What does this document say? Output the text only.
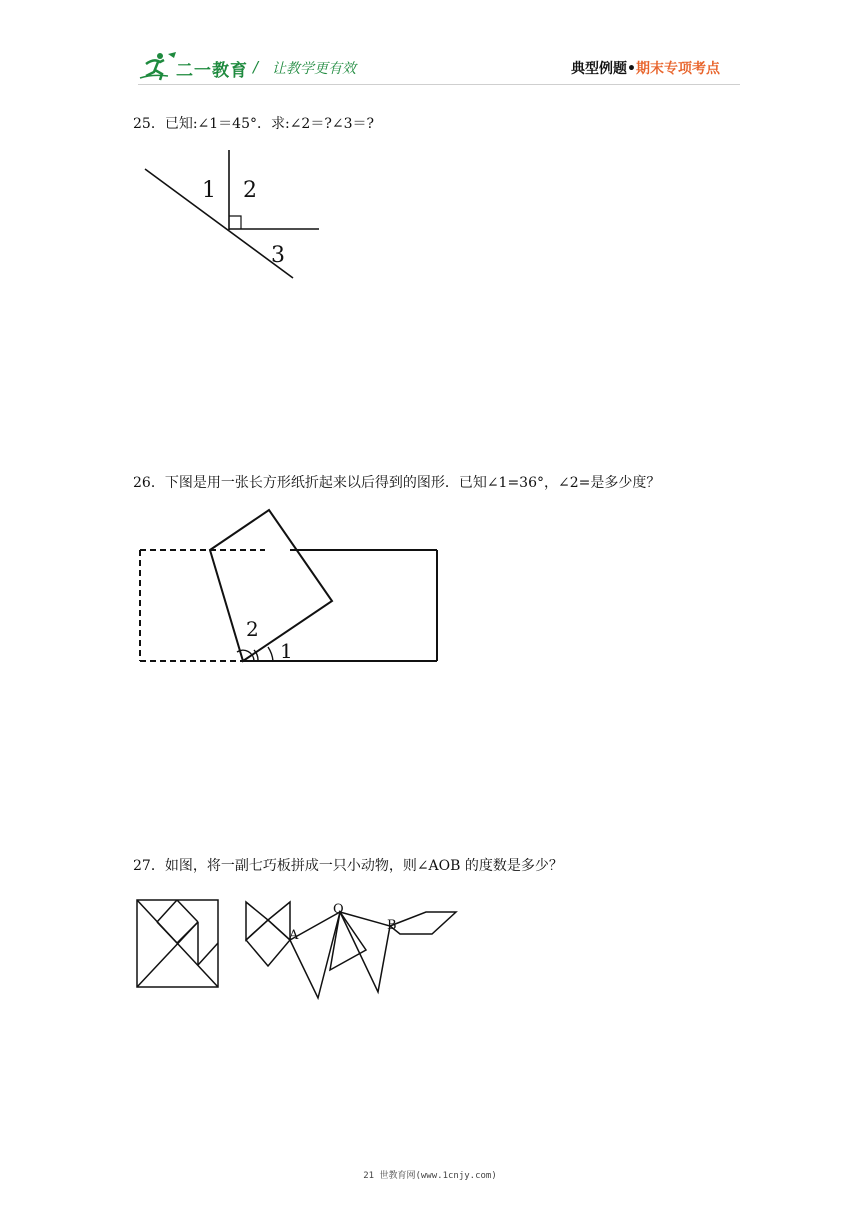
二一教育 / 让教学更有效	典型例题•期末专项考点
25．已知:∠1＝45°．求:∠2＝?∠3＝?
1 2
3
26．下图是用一张长方形纸折起来以后得到的图形．已知∠1=36°，∠2=是多少度？
2
1
27．如图，将一副七巧板拼成一只小动物，则∠AOB 的度数是多少？
A
O
B
21 世教育网(www.1cnjy.com)
